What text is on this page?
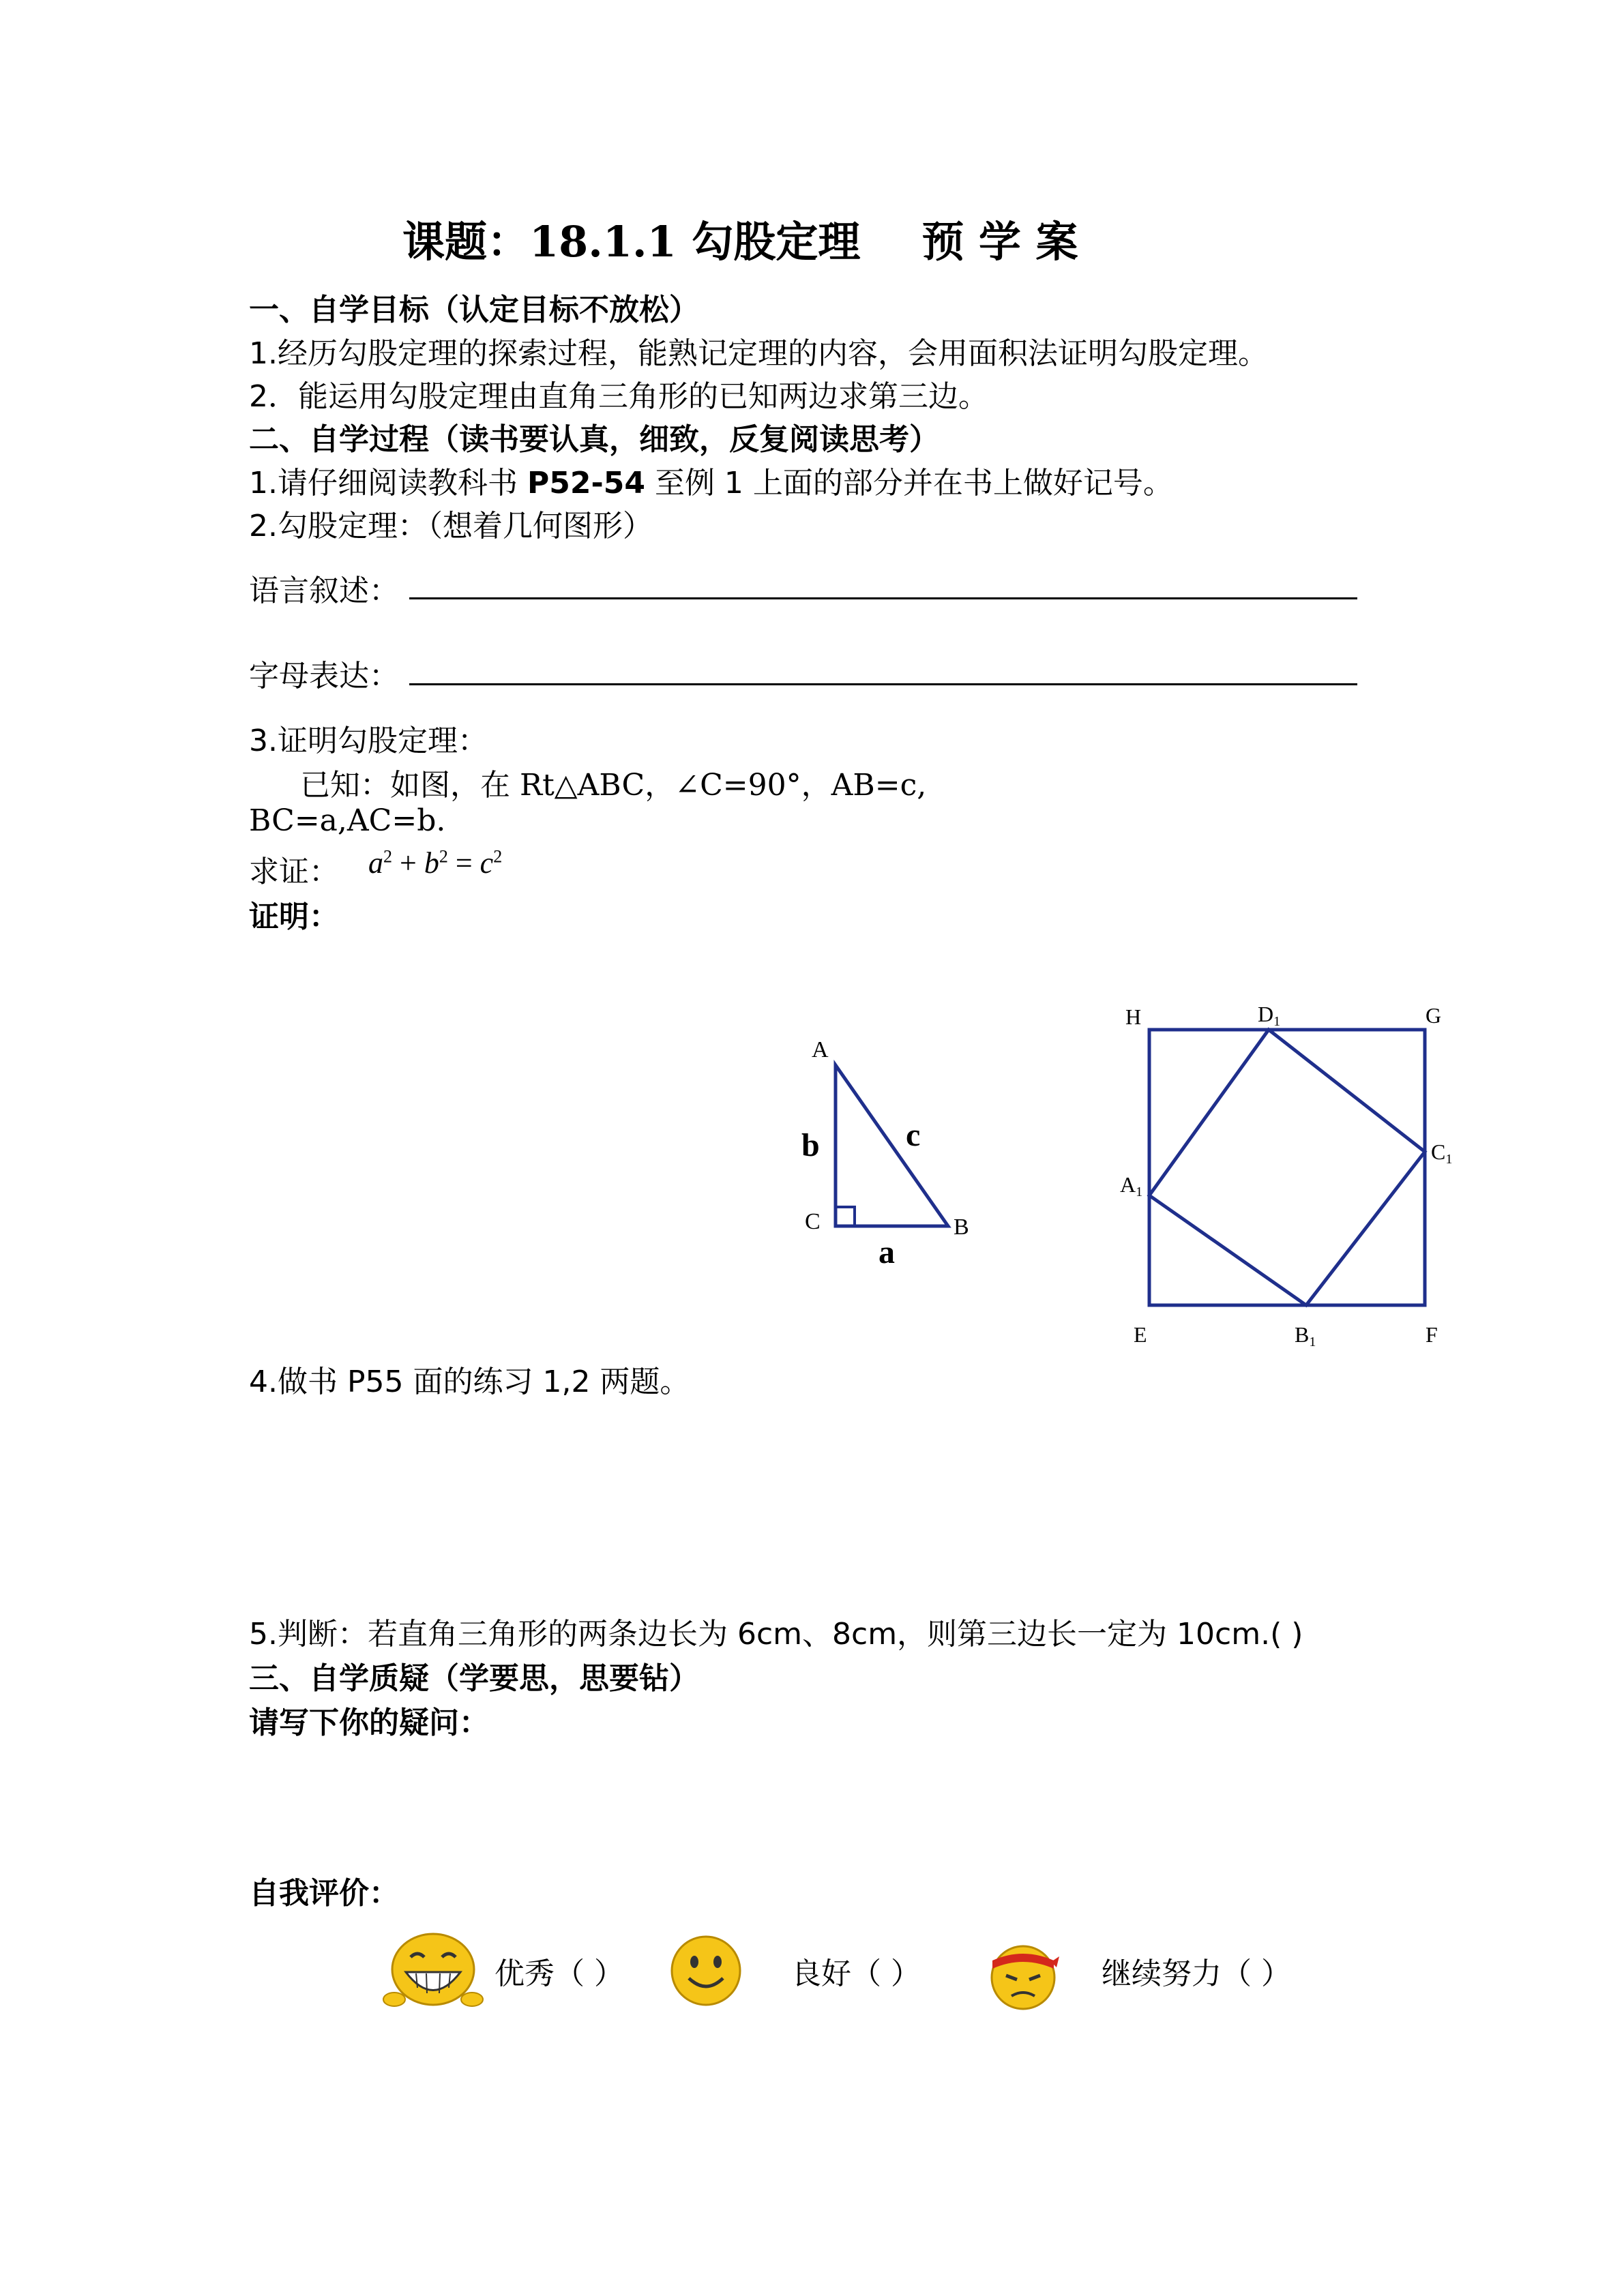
课题：18.1.1 勾股定理 预 学 案
一、自学目标（认定目标不放松）
1.经历勾股定理的探索过程，能熟记定理的内容，会用面积法证明勾股定理。
2．能运用勾股定理由直角三角形的已知两边求第三边。
二、自学过程（读书要认真，细致，反复阅读思考）
1.请仔细阅读教科书 P52-54 至例 1 上面的部分并在书上做好记号。
2.勾股定理：（想着几何图形）
语言叙述：
字母表达：
3.证明勾股定理：
已知：如图，在 Rt△ABC，∠C=90°，AB=c,
BC=a,AC=b.
求证： $a^2 + b^2 = c^2$
证明：
A
C	B
b	c
a
H	G
E	F
D1
C1
A1
B1
4.做书 P55 面的练习 1,2 两题。
5.判断：若直角三角形的两条边长为 6cm、8cm，则第三边长一定为 10cm.( )
三、自学质疑（学要思，思要钻）
请写下你的疑问：
自我评价：
优秀（ ）	良好（ ）	继续努力（ ）
